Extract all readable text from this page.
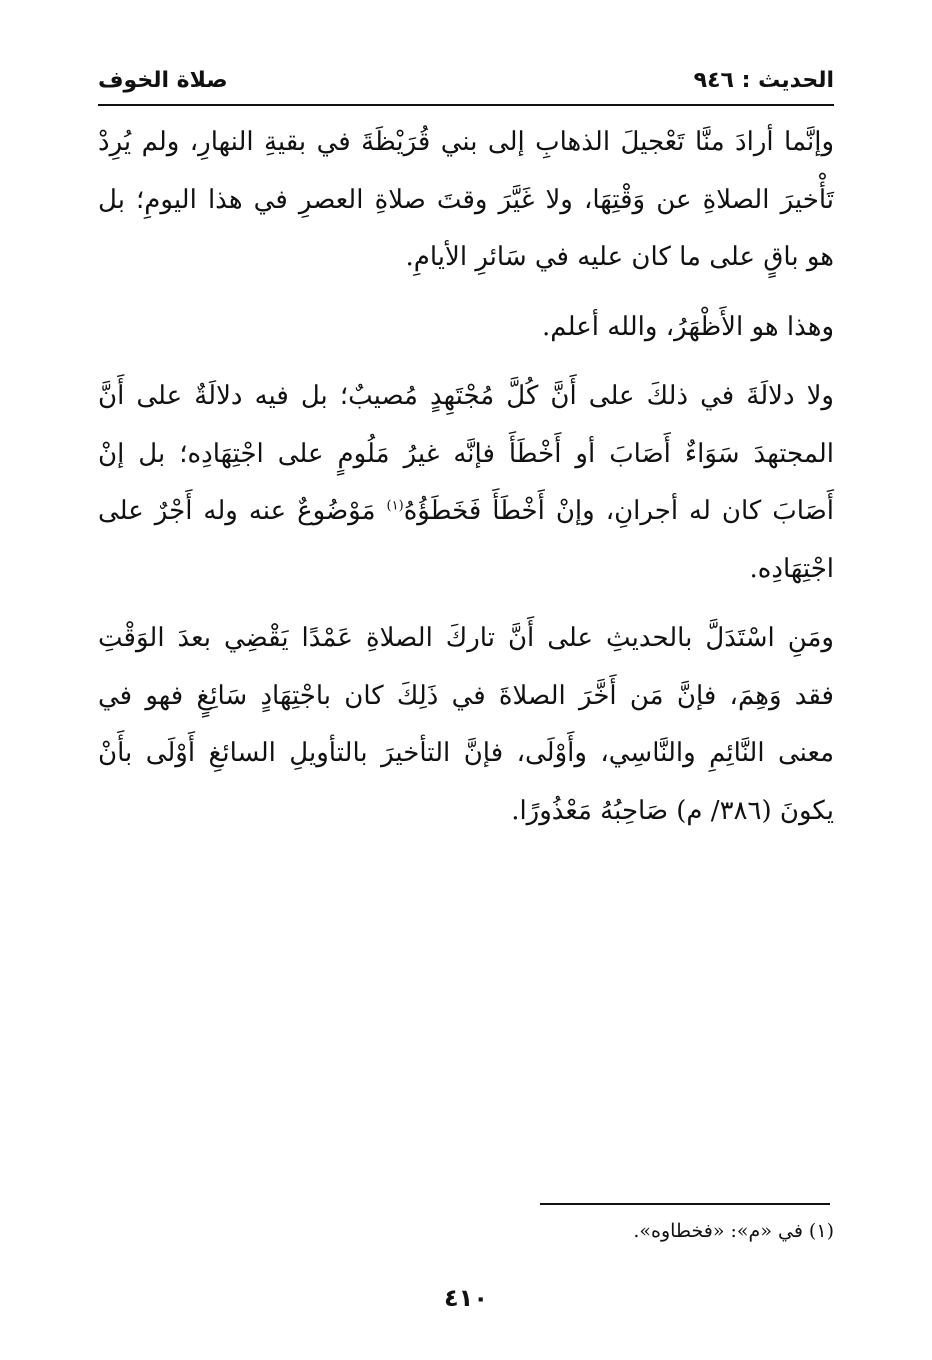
الحديث : ٩٤٦
صلاة الخوف

وإنَّما أرادَ منَّا تَعْجيلَ الذهابِ إلى بني قُرَيْظَةَ في بقيةِ النهارِ، ولم يُرِدْ تَأْخيرَ الصلاةِ عن وَقْتِهَا، ولا غَيَّرَ وقتَ صلاةِ العصرِ في هذا اليومِ؛ بل هو باقٍ على ما كان عليه في سَائرِ الأيامِ.

وهذا هو الأَظْهَرُ، والله أعلم.

ولا دلالَةَ في ذلكَ على أَنَّ كُلَّ مُجْتَهِدٍ مُصيبٌ؛ بل فيه دلالَةٌ على أَنَّ المجتهدَ سَوَاءٌ أَصَابَ أو أَخْطَأَ فإنَّه غيرُ مَلُومٍ على اجْتِهَادِه؛ بل إنْ أَصَابَ كان له أجرانِ، وإنْ أَخْطَأَ فَخَطَؤُهُ$^{(١)}$ مَوْضُوعٌ عنه وله أَجْرٌ على اجْتِهَادِه.

ومَنِ اسْتَدَلَّ بالحديثِ على أَنَّ تاركَ الصلاةِ عَمْدًا يَقْضِي بعدَ الوَقْتِ فقد وَهِمَ، فإنَّ مَن أَخَّرَ الصلاةَ في ذَلِكَ كان باجْتِهَادٍ سَائِغٍ فهو في معنى النَّائِمِ والنَّاسِي، وأَوْلَى، فإنَّ التأخيرَ بالتأويلِ السائغِ أَوْلَى بأَنْ يكونَ (٣٨٦/ م) صَاحِبُهُ مَعْذُورًا.

(١) في «م»: «فخطاوه».
٤١٠
